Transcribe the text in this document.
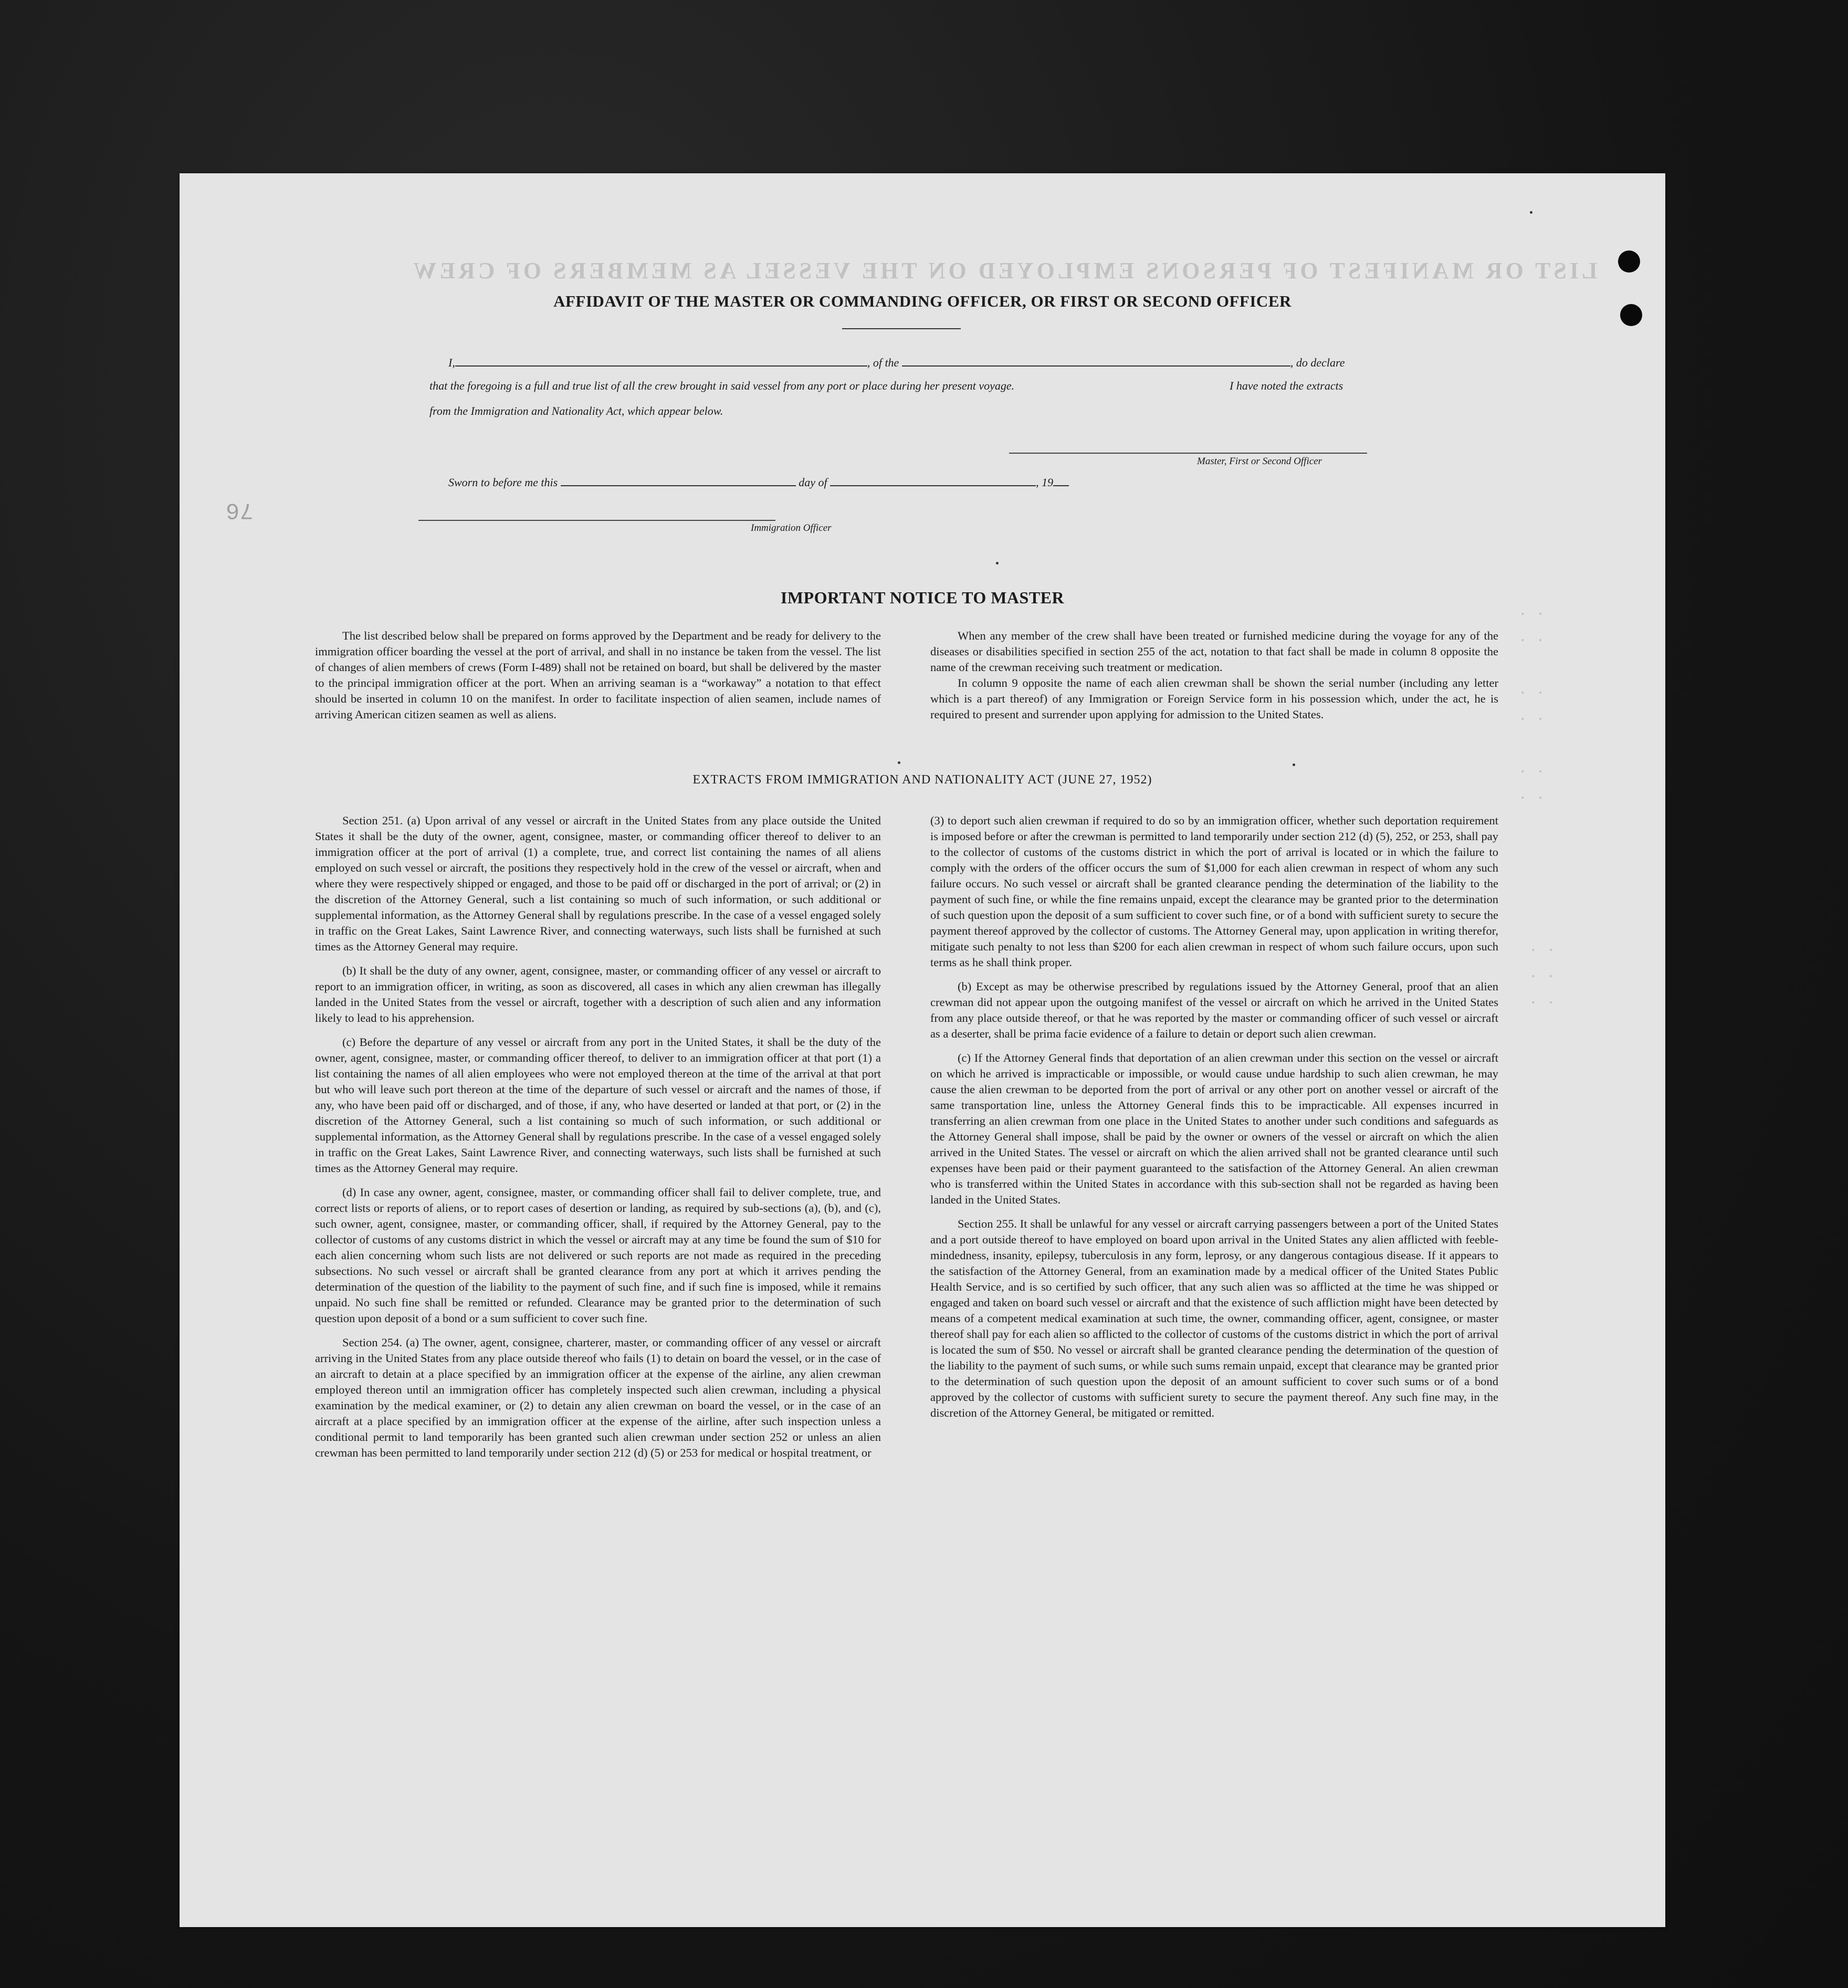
LIST OR MANIFEST OF PERSONS EMPLOYED ON THE VESSEL AS MEMBERS OF CREW
76
. .
. .

. .
. .

. .
. .
. .
. .
. .
AFFIDAVIT OF THE MASTER OR COMMANDING OFFICER, OR FIRST OR SECOND OFFICER
I,	, of the	, do declare
that the foregoing is a full and true list of all the crew brought in said vessel from any port or place during her present voyage.	I have noted the extracts
from the Immigration and Nationality Act, which appear below.
Master, First or Second Officer
Sworn to before me this	day of	, 19
Immigration Officer
IMPORTANT NOTICE TO MASTER

The list described below shall be prepared on forms approved by the Department and be ready for delivery to the immigration officer boarding the vessel at the port of arrival, and shall in no instance be taken from the vessel. The list of changes of alien members of crews (Form I-489) shall not be retained on board, but shall be delivered by the master to the principal immigration officer at the port. When an arriving seaman is a “workaway” a notation to that effect should be inserted in column 10 on the manifest. In order to facilitate inspection of alien seamen, include names of arriving American citizen seamen as well as aliens.

When any member of the crew shall have been treated or furnished medicine during the voyage for any of the diseases or disabilities specified in section 255 of the act, notation to that fact shall be made in column 8 opposite the name of the crewman receiving such treatment or medication.

In column 9 opposite the name of each alien crewman shall be shown the serial number (including any letter which is a part thereof) of any Immigration or Foreign Service form in his possession which, under the act, he is required to present and surrender upon applying for admission to the United States.

EXTRACTS FROM IMMIGRATION AND NATIONALITY ACT (JUNE 27, 1952)

Section 251. (a) Upon arrival of any vessel or aircraft in the United States from any place outside the United States it shall be the duty of the owner, agent, consignee, master, or commanding officer thereof to deliver to an immigration officer at the port of arrival (1) a complete, true, and correct list containing the names of all aliens employed on such vessel or aircraft, the positions they respectively hold in the crew of the vessel or aircraft, when and where they were respectively shipped or engaged, and those to be paid off or discharged in the port of arrival; or (2) in the discretion of the Attorney General, such a list containing so much of such information, or such additional or supplemental information, as the Attorney General shall by regulations prescribe. In the case of a vessel engaged solely in traffic on the Great Lakes, Saint Lawrence River, and connecting waterways, such lists shall be furnished at such times as the Attorney General may require.

(b) It shall be the duty of any owner, agent, consignee, master, or commanding officer of any vessel or aircraft to report to an immigration officer, in writing, as soon as discovered, all cases in which any alien crewman has illegally landed in the United States from the vessel or aircraft, together with a description of such alien and any information likely to lead to his apprehension.

(c) Before the departure of any vessel or aircraft from any port in the United States, it shall be the duty of the owner, agent, consignee, master, or commanding officer thereof, to deliver to an immigration officer at that port (1) a list containing the names of all alien employees who were not employed thereon at the time of the arrival at that port but who will leave such port thereon at the time of the departure of such vessel or aircraft and the names of those, if any, who have been paid off or discharged, and of those, if any, who have deserted or landed at that port, or (2) in the discretion of the Attorney General, such a list containing so much of such information, or such additional or supplemental information, as the Attorney General shall by regulations prescribe. In the case of a vessel engaged solely in traffic on the Great Lakes, Saint Lawrence River, and connecting waterways, such lists shall be furnished at such times as the Attorney General may require.

(d) In case any owner, agent, consignee, master, or commanding officer shall fail to deliver complete, true, and correct lists or reports of aliens, or to report cases of desertion or landing, as required by sub-sections (a), (b), and (c), such owner, agent, consignee, master, or commanding officer, shall, if required by the Attorney General, pay to the collector of customs of any customs district in which the vessel or aircraft may at any time be found the sum of $10 for each alien concerning whom such lists are not delivered or such reports are not made as required in the preceding subsections. No such vessel or aircraft shall be granted clearance from any port at which it arrives pending the determination of the question of the liability to the payment of such fine, and if such fine is imposed, while it remains unpaid. No such fine shall be remitted or refunded. Clearance may be granted prior to the determination of such question upon deposit of a bond or a sum sufficient to cover such fine.

Section 254. (a) The owner, agent, consignee, charterer, master, or commanding officer of any vessel or aircraft arriving in the United States from any place outside thereof who fails (1) to detain on board the vessel, or in the case of an aircraft to detain at a place specified by an immigration officer at the expense of the airline, any alien crewman employed thereon until an immigration officer has completely inspected such alien crewman, including a physical examination by the medical examiner, or (2) to detain any alien crewman on board the vessel, or in the case of an aircraft at a place specified by an immigration officer at the expense of the airline, after such inspection unless a conditional permit to land temporarily has been granted such alien crewman under section 252 or unless an alien crewman has been permitted to land temporarily under section 212 (d) (5) or 253 for medical or hospital treatment, or

(3) to deport such alien crewman if required to do so by an immigration officer, whether such deportation requirement is imposed before or after the crewman is permitted to land temporarily under section 212 (d) (5), 252, or 253, shall pay to the collector of customs of the customs district in which the port of arrival is located or in which the failure to comply with the orders of the officer occurs the sum of $1,000 for each alien crewman in respect of whom any such failure occurs. No such vessel or aircraft shall be granted clearance pending the determination of the liability to the payment of such fine, or while the fine remains unpaid, except the clearance may be granted prior to the determination of such question upon the deposit of a sum sufficient to cover such fine, or of a bond with sufficient surety to secure the payment thereof approved by the collector of customs. The Attorney General may, upon application in writing therefor, mitigate such penalty to not less than $200 for each alien crewman in respect of whom such failure occurs, upon such terms as he shall think proper.

(b) Except as may be otherwise prescribed by regulations issued by the Attorney General, proof that an alien crewman did not appear upon the outgoing manifest of the vessel or aircraft on which he arrived in the United States from any place outside thereof, or that he was reported by the master or commanding officer of such vessel or aircraft as a deserter, shall be prima facie evidence of a failure to detain or deport such alien crewman.

(c) If the Attorney General finds that deportation of an alien crewman under this section on the vessel or aircraft on which he arrived is impracticable or impossible, or would cause undue hardship to such alien crewman, he may cause the alien crewman to be deported from the port of arrival or any other port on another vessel or aircraft of the same transportation line, unless the Attorney General finds this to be impracticable. All expenses incurred in transferring an alien crewman from one place in the United States to another under such conditions and safeguards as the Attorney General shall impose, shall be paid by the owner or owners of the vessel or aircraft on which the alien arrived in the United States. The vessel or aircraft on which the alien arrived shall not be granted clearance until such expenses have been paid or their payment guaranteed to the satisfaction of the Attorney General. An alien crewman who is transferred within the United States in accordance with this sub-section shall not be regarded as having been landed in the United States.

Section 255. It shall be unlawful for any vessel or aircraft carrying passengers between a port of the United States and a port outside thereof to have employed on board upon arrival in the United States any alien afflicted with feeble-mindedness, insanity, epilepsy, tuberculosis in any form, leprosy, or any dangerous contagious disease. If it appears to the satisfaction of the Attorney General, from an examination made by a medical officer of the United States Public Health Service, and is so certified by such officer, that any such alien was so afflicted at the time he was shipped or engaged and taken on board such vessel or aircraft and that the existence of such affliction might have been detected by means of a competent medical examination at such time, the owner, commanding officer, agent, consignee, or master thereof shall pay for each alien so afflicted to the collector of customs of the customs district in which the port of arrival is located the sum of $50. No vessel or aircraft shall be granted clearance pending the determination of the question of the liability to the payment of such sums, or while such sums remain unpaid, except that clearance may be granted prior to the determination of such question upon the deposit of an amount sufficient to cover such sums or of a bond approved by the collector of customs with sufficient surety to secure the payment thereof. Any such fine may, in the discretion of the Attorney General, be mitigated or remitted.
